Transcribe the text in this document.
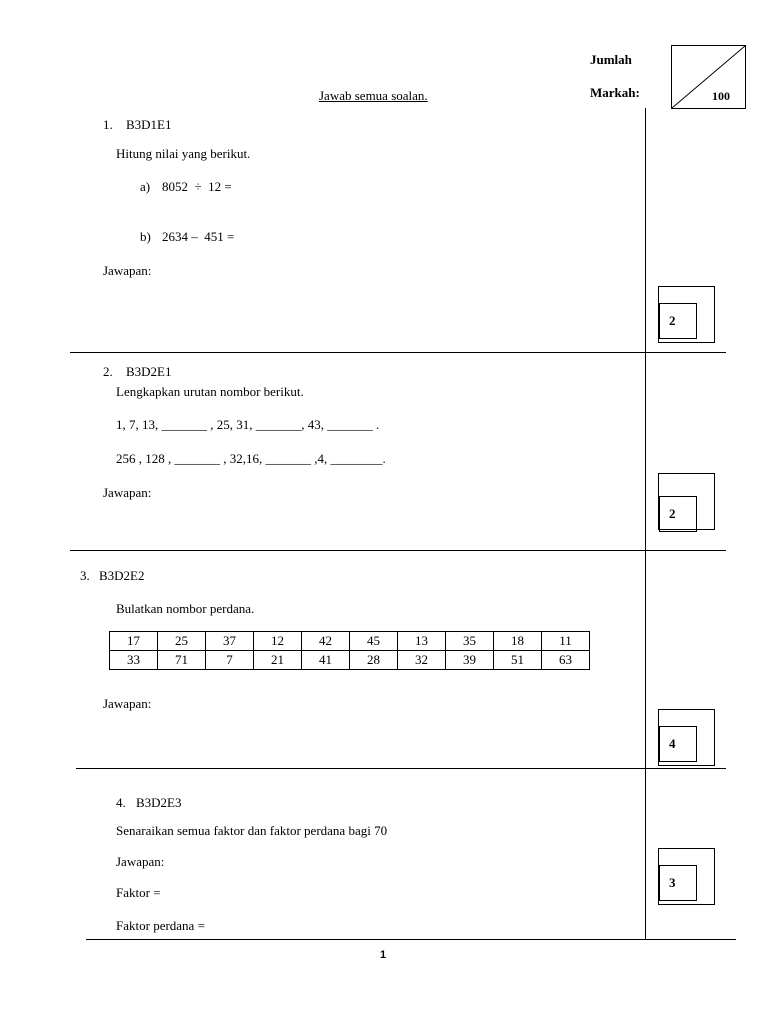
Jumlah
Markah:	100
Jawab semua soalan.
1. B3D1E1
Hitung nilai yang berikut.
a) 8052  ÷  12 =
b) 2634 –  451 =
Jawapan:
2
2. B3D2E1
Lengkapkan urutan nombor berikut.
1, 7, 13, _______ , 25, 31, _______, 43, _______ .
256 , 128 , _______ , 32,16, _______ ,4, ________.
Jawapan:
2
3. B3D2E2
Bulatkan nombor perdana.
17	25	37	12	42	45	13	35	18	11
33	71	7	21	41	28	32	39	51	63
Jawapan:
4
4. B3D2E3
Senaraikan semua faktor dan faktor perdana bagi 70
Jawapan:
Faktor =
Faktor perdana =
3
1
